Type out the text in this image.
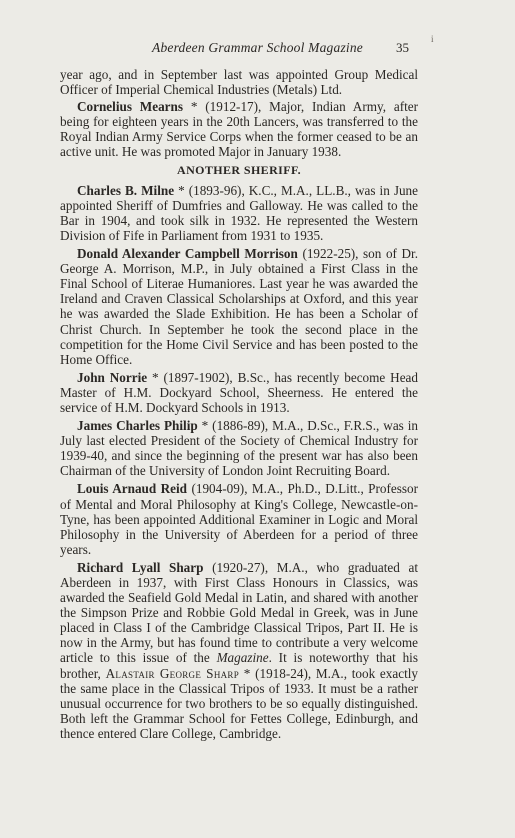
Aberdeen Grammar School Magazine	35
i

year ago, and in September last was appointed Group Medical Officer of Imperial Chemical Industries (Metals) Ltd.

Cornelius Mearns * (1912-17), Major, Indian Army, after being for eighteen years in the 20th Lancers, was transferred to the Royal Indian Army Service Corps when the former ceased to be an active unit. He was promoted Major in January 1938.

ANOTHER SHERIFF.

Charles B. Milne * (1893-96), K.C., M.A., LL.B., was in June appointed Sheriff of Dumfries and Galloway. He was called to the Bar in 1904, and took silk in 1932. He represented the Western Division of Fife in Parliament from 1931 to 1935.

Donald Alexander Campbell Morrison (1922-25), son of Dr. George A. Morrison, M.P., in July obtained a First Class in the Final School of Literae Humaniores. Last year he was awarded the Ireland and Craven Classical Scholarships at Oxford, and this year he was awarded the Slade Exhibition. He has been a Scholar of Christ Church. In September he took the second place in the competition for the Home Civil Service and has been posted to the Home Office.

John Norrie * (1897-1902), B.Sc., has recently become Head Master of H.M. Dockyard School, Sheerness. He entered the service of H.M. Dockyard Schools in 1913.

James Charles Philip * (1886-89), M.A., D.Sc., F.R.S., was in July last elected President of the Society of Chemical Industry for 1939-40, and since the beginning of the present war has also been Chairman of the University of London Joint Recruiting Board.

Louis Arnaud Reid (1904-09), M.A., Ph.D., D.Litt., Professor of Mental and Moral Philosophy at King's College, Newcastle-on-Tyne, has been appointed Additional Examiner in Logic and Moral Philosophy in the University of Aberdeen for a period of three years.

Richard Lyall Sharp (1920-27), M.A., who graduated at Aberdeen in 1937, with First Class Honours in Classics, was awarded the Seafield Gold Medal in Latin, and shared with another the Simpson Prize and Robbie Gold Medal in Greek, was in June placed in Class I of the Cambridge Classical Tripos, Part II. He is now in the Army, but has found time to contribute a very welcome article to this issue of the Magazine. It is noteworthy that his brother, Alastair George Sharp * (1918-24), M.A., took exactly the same place in the Classical Tripos of 1933. It must be a rather unusual occurrence for two brothers to be so equally distinguished. Both left the Grammar School for Fettes College, Edinburgh, and thence entered Clare College, Cambridge.
